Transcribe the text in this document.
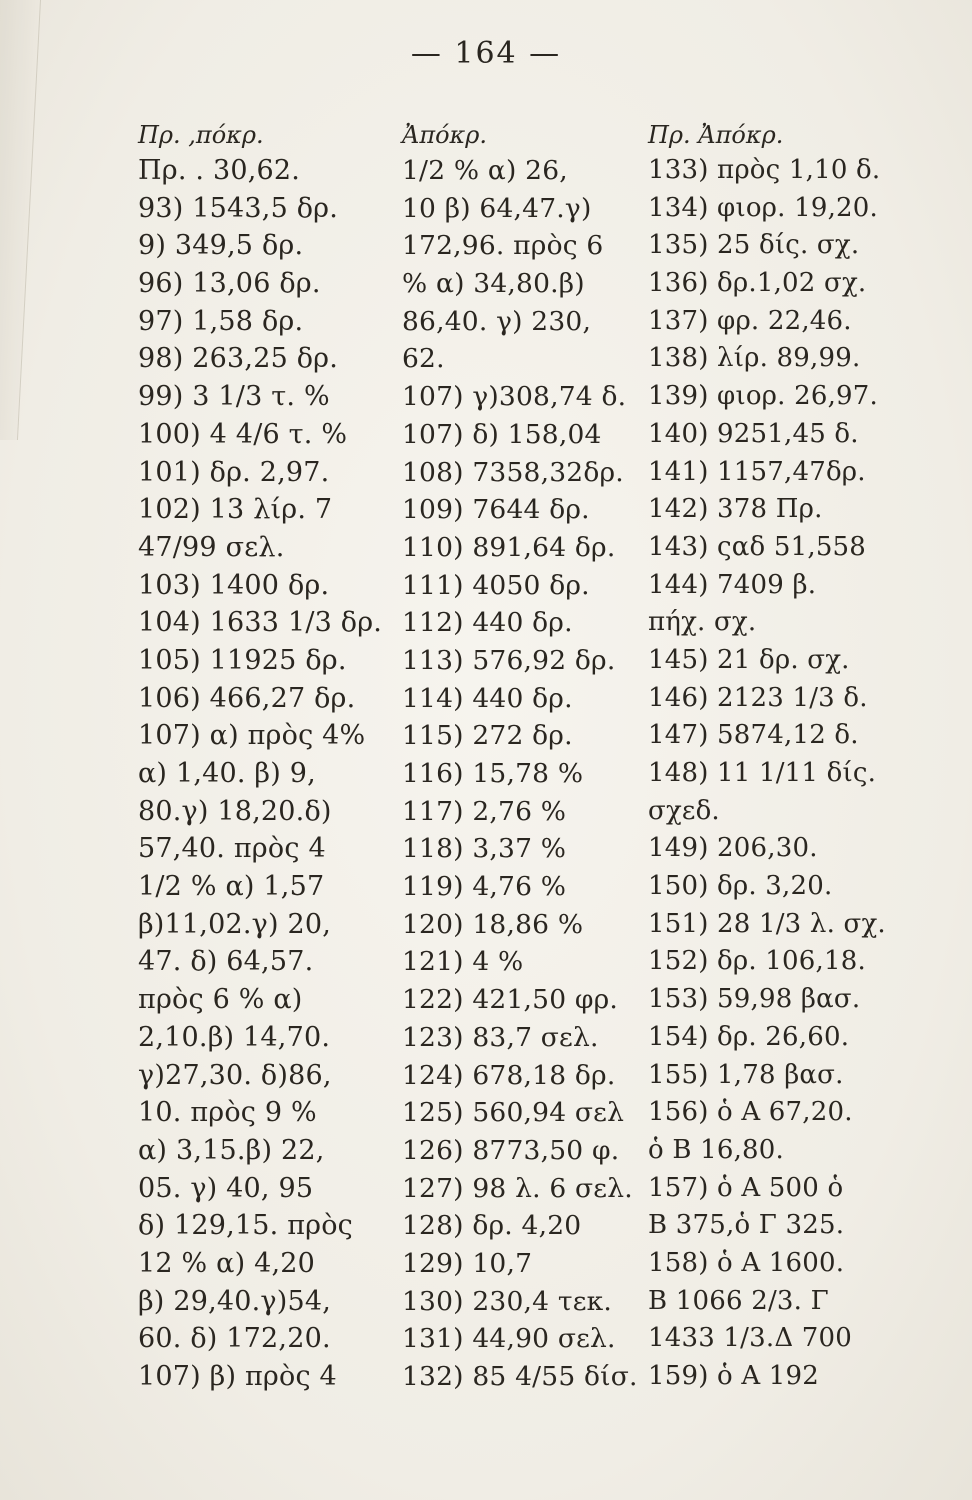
— 164 —
Πρ. ,πόκρ.
Πρ. . 30,62.
93) 1543,5 δρ.
9) 349,5 δρ.
96) 13,06 δρ.
97) 1,58 δρ.
98) 263,25 δρ.
99) 3 1/3 τ. %
100) 4 4/6 τ. %
101) δρ. 2,97.
102) 13 λίρ. 7
47/99 σελ.
103) 1400 δρ.
104) 1633 1/3 δρ.
105) 11925 δρ.
106) 466,27 δρ.
107) α) πρὸς 4%
α) 1,40. β) 9,
80.γ) 18,20.δ)
57,40. πρὸς 4
1/2 % α) 1,57
β)11,02.γ) 20,
47. δ) 64,57.
πρὸς 6 % α)
2,10.β) 14,70.
γ)27,30. δ)86,
10. πρὸς 9 %
α) 3,15.β) 22,
05. γ) 40, 95
δ) 129,15. πρὸς
12 % α) 4,20
β) 29,40.γ)54,
60. δ) 172,20.
107) β) πρὸς 4
Ἀπόκρ.
1/2 % α) 26,
10 β) 64,47.γ)
172,96. πρὸς 6
% α) 34,80.β)
86,40. γ) 230,
62.
107) γ)308,74 δ.
107) δ) 158,04
108) 7358,32δρ.
109) 7644 δρ.
110) 891,64 δρ.
111) 4050 δρ.
112) 440 δρ.
113) 576,92 δρ.
114) 440 δρ.
115) 272 δρ.
116) 15,78 %
117) 2,76 %
118) 3,37 %
119) 4,76 %
120) 18,86 %
121) 4 %
122) 421,50 φρ.
123) 83,7 σελ.
124) 678,18 δρ.
125) 560,94 σελ
126) 8773,50 φ.
127) 98 λ. 6 σελ.
128) δρ. 4,20
129) 10,7
130) 230,4 τεκ.
131) 44,90 σελ.
132) 85 4/55 δίσ.
Πρ. Ἀπόκρ.
133) πρὸς 1,10 δ.
134) φιορ. 19,20.
135) 25 δίς. σχ.
136) δρ.1,02 σχ.
137) φρ. 22,46.
138) λίρ. 89,99.
139) φιορ. 26,97.
140) 9251,45 δ.
141) 1157,47δρ.
142) 378 Πρ.
143) ςαδ 51,558
144) 7409 β.
πήχ. σχ.
145) 21 δρ. σχ.
146) 2123 1/3 δ.
147) 5874,12 δ.
148) 11 1/11 δίς.
σχεδ.
149) 206,30.
150) δρ. 3,20.
151) 28 1/3 λ. σχ.
152) δρ. 106,18.
153) 59,98 βασ.
154) δρ. 26,60.
155) 1,78 βασ.
156) ὁ Α 67,20.
ὁ Β 16,80.
157) ὁ Α 500 ὁ
Β 375,ὁ Γ 325.
158) ὁ Α 1600.
Β 1066 2/3. Γ
1433 1/3.Δ 700
159) ὁ Α 192
